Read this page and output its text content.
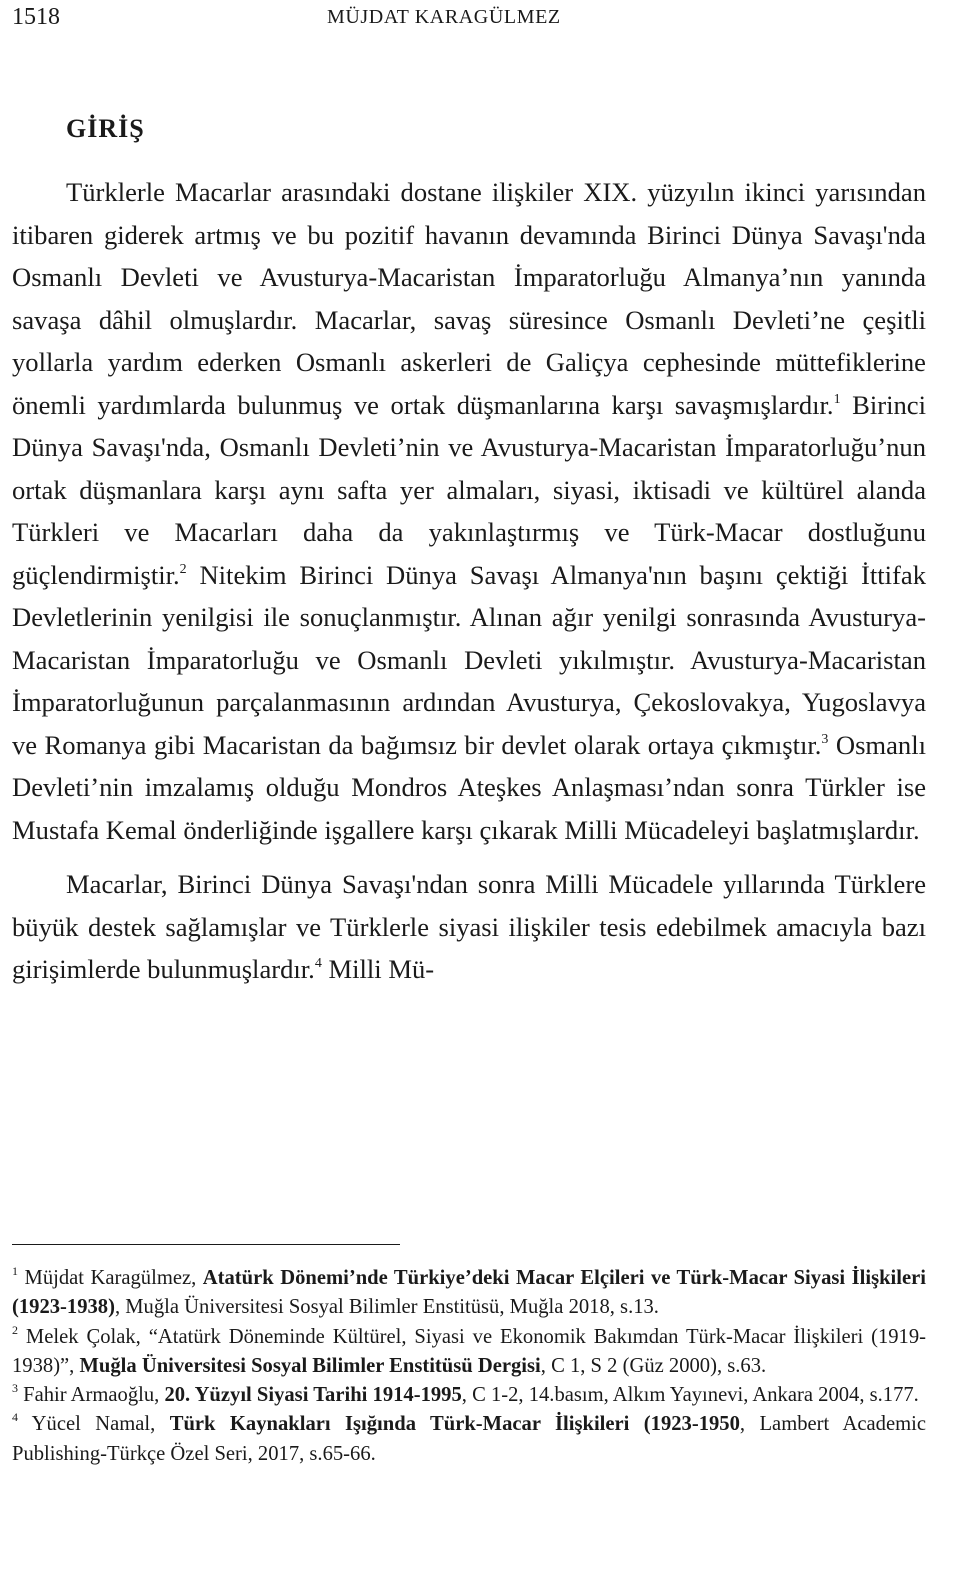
1518	MÜJDAT KARAGÜLMEZ
GİRİŞ

Türklerle Macarlar arasındaki dostane ilişkiler XIX. yüzyılın ikinci yarısından itibaren giderek artmış ve bu pozitif havanın devamında Birinci Dünya Savaşı'nda Osmanlı Devleti ve Avusturya-Macaristan İmparatorluğu Almanya’nın yanında savaşa dâhil olmuşlardır. Macarlar, savaş süresince Osmanlı Devleti’ne çeşitli yollarla yardım ederken Osmanlı askerleri de Galiçya cephesinde müttefiklerine önemli yardımlarda bulunmuş ve ortak düşmanlarına karşı savaşmışlardır.$^1$ Birinci Dünya Savaşı'nda, Osmanlı Devleti’nin ve Avusturya-Macaristan İmparatorluğu’nun ortak düşmanlara karşı aynı safta yer almaları, siyasi, iktisadi ve kültürel alanda Türkleri ve Macarları daha da yakınlaştırmış ve Türk-Macar dostluğunu güçlendirmiştir.$^2$ Nitekim Birinci Dünya Savaşı Almanya'nın başını çektiği İttifak Devletlerinin yenilgisi ile sonuçlanmıştır. Alınan ağır yenilgi sonrasında Avusturya-Macaristan İmparatorluğu ve Osmanlı Devleti yıkılmıştır. Avusturya-Macaristan İmparatorluğunun parçalanmasının ardından Avusturya, Çekoslovakya, Yugoslavya ve Romanya gibi Macaristan da bağımsız bir devlet olarak ortaya çıkmıştır.$^3$ Osmanlı Devleti’nin imzalamış olduğu Mondros Ateşkes Anlaşması’ndan sonra Türkler ise Mustafa Kemal önderliğinde işgallere karşı çıkarak Milli Mücadeleyi başlatmışlardır.

Macarlar, Birinci Dünya Savaşı'ndan sonra Milli Mücadele yıllarında Türklere büyük destek sağlamışlar ve Türklerle siyasi ilişkiler tesis edebilmek amacıyla bazı girişimlerde bulunmuşlardır.$^4$ Milli Mü-

$^1$ Müjdat Karagülmez, Atatürk Dönemi’nde Türkiye’deki Macar Elçileri ve Türk-Macar Siyasi İlişkileri (1923-1938), Muğla Üniversitesi Sosyal Bilimler Enstitüsü, Muğla 2018, s.13.

$^2$ Melek Çolak, “Atatürk Döneminde Kültürel, Siyasi ve Ekonomik Bakımdan Türk-Macar İlişkileri (1919-1938)”, Muğla Üniversitesi Sosyal Bilimler Enstitüsü Dergisi, C 1, S 2 (Güz 2000), s.63.

$^3$ Fahir Armaoğlu, 20. Yüzyıl Siyasi Tarihi 1914-1995, C 1-2, 14.basım, Alkım Yayınevi, Ankara 2004, s.177.

$^4$ Yücel Namal, Türk Kaynakları Işığında Türk-Macar İlişkileri (1923-1950, Lambert Academic Publishing-Türkçe Özel Seri, 2017, s.65-66.
